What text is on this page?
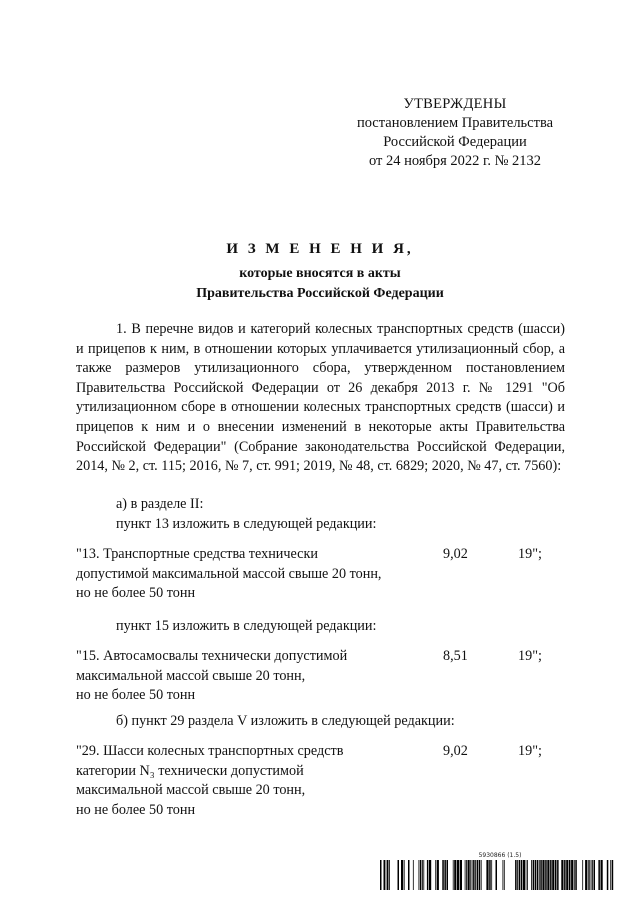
УТВЕРЖДЕНЫ
постановлением Правительства
Российской Федерации
от 24 ноября 2022 г. № 2132
И З М Е Н Е Н И Я,
которые вносятся в акты
Правительства Российской Федерации
1. В перечне видов и категорий колесных транспортных средств (шасси) и прицепов к ним, в отношении которых уплачивается утилизационный сбор, а также размеров утилизационного сбора, утвержденном постановлением Правительства Российской Федерации от 26 декабря 2013 г. № 1291 "Об утилизационном сборе в отношении колесных транспортных средств (шасси) и прицепов к ним и о внесении изменений в некоторые акты Правительства Российской Федерации" (Собрание законодательства Российской Федерации, 2014, № 2, ст. 115; 2016, № 7, ст. 991; 2019, № 48, ст. 6829; 2020, № 47, ст. 7560):
а) в разделе II:
пункт 13 изложить в следующей редакции:
"13. Транспортные средства технически
допустимой максимальной массой свыше 20 тонн,
но не более 50 тонн
9,02	19";
пункт 15 изложить в следующей редакции:
"15. Автосамосвалы технически допустимой
максимальной массой свыше 20 тонн,
но не более 50 тонн
8,51	19";
б) пункт 29 раздела V изложить в следующей редакции:
"29. Шасси колесных транспортных средств
категории N₃ технически допустимой
максимальной массой свыше 20 тонн,
но не более 50 тонн
9,02	19";
5930866 (1.5)
